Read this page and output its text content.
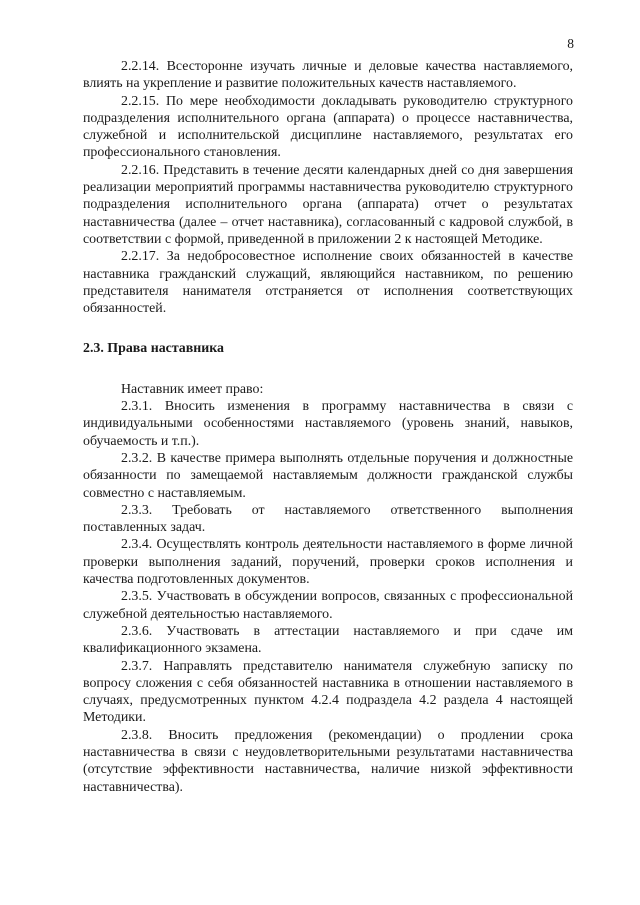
8

2.2.14. Всесторонне изучать личные и деловые качества наставляемого, влиять на укрепление и развитие положительных качеств наставляемого.

2.2.15. По мере необходимости докладывать руководителю структурного подразделения исполнительного органа (аппарата) о процессе наставничества, служебной и исполнительской дисциплине наставляемого, результатах его профессионального становления.

2.2.16. Представить в течение десяти календарных дней со дня завершения реализации мероприятий программы наставничества руководителю структурного подразделения исполнительного органа (аппарата) отчет о результатах наставничества (далее – отчет наставника), согласованный с кадровой службой, в соответствии с формой, приведенной в приложении 2 к настоящей Методике.

2.2.17. За недобросовестное исполнение своих обязанностей в качестве наставника гражданский служащий, являющийся наставником, по решению представителя нанимателя отстраняется от исполнения соответствующих обязанностей.

2.3. Права наставника

Наставник имеет право:

2.3.1. Вносить изменения в программу наставничества в связи с индивидуальными особенностями наставляемого (уровень знаний, навыков, обучаемость и т.п.).

2.3.2. В качестве примера выполнять отдельные поручения и должностные обязанности по замещаемой наставляемым должности гражданской службы совместно с наставляемым.

2.3.3. Требовать от наставляемого ответственного выполнения поставленных задач.

2.3.4. Осуществлять контроль деятельности наставляемого в форме личной проверки выполнения заданий, поручений, проверки сроков исполнения и качества подготовленных документов.

2.3.5. Участвовать в обсуждении вопросов, связанных с профессиональной служебной деятельностью наставляемого.

2.3.6. Участвовать в аттестации наставляемого и при сдаче им квалификационного экзамена.

2.3.7. Направлять представителю нанимателя служебную записку по вопросу сложения с себя обязанностей наставника в отношении наставляемого в случаях, предусмотренных пунктом 4.2.4 подраздела 4.2 раздела 4 настоящей Методики.

2.3.8. Вносить предложения (рекомендации) о продлении срока наставничества в связи с неудовлетворительными результатами наставничества (отсутствие эффективности наставничества, наличие низкой эффективности наставничества).
